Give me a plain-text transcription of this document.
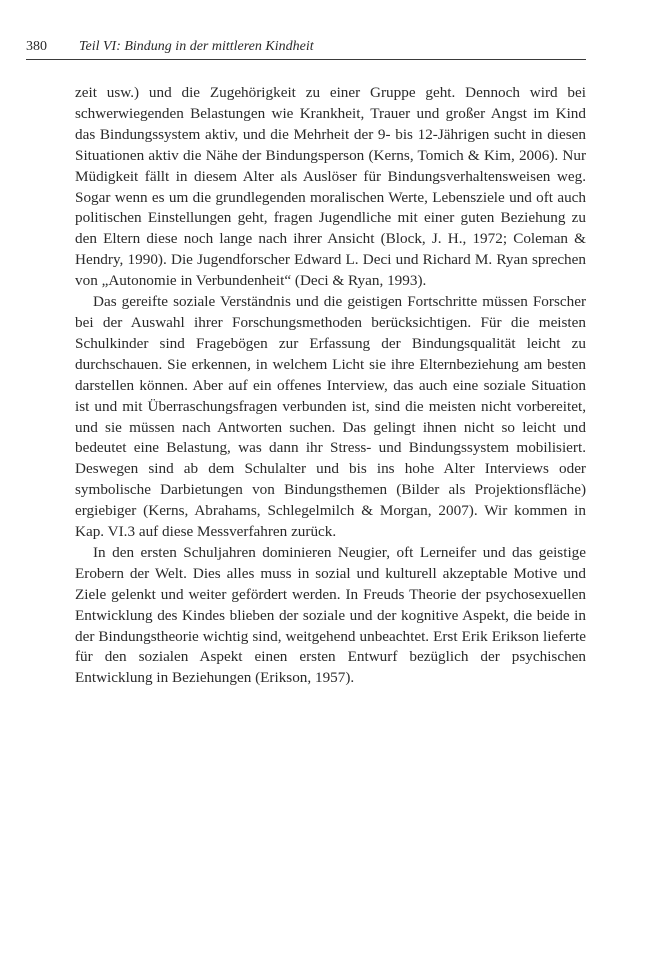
380 Teil VI: Bindung in der mittleren Kindheit

zeit usw.) und die Zugehörigkeit zu einer Gruppe geht. Dennoch wird bei schwerwiegenden Belastungen wie Krankheit, Trauer und großer Angst im Kind das Bindungssystem aktiv, und die Mehrheit der 9- bis 12-Jährigen sucht in diesen Situationen aktiv die Nähe der Bindungsperson (Kerns, Tomich & Kim, 2006). Nur Müdigkeit fällt in diesem Alter als Auslöser für Bindungsverhaltensweisen weg. Sogar wenn es um die grundlegenden moralischen Werte, Lebensziele und oft auch politischen Einstellungen geht, fragen Jugendliche mit einer guten Beziehung zu den Eltern diese noch lange nach ihrer Ansicht (Block, J. H., 1972; Coleman & Hendry, 1990). Die Jugendforscher Edward L. Deci und Richard M. Ryan sprechen von „Autonomie in Verbundenheit“ (Deci & Ryan, 1993).

Das gereifte soziale Verständnis und die geistigen Fortschritte müssen Forscher bei der Auswahl ihrer Forschungsmethoden berücksichtigen. Für die meisten Schulkinder sind Fragebögen zur Erfassung der Bindungsqualität leicht zu durchschauen. Sie erkennen, in welchem Licht sie ihre Elternbeziehung am besten darstellen können. Aber auf ein offenes Interview, das auch eine soziale Situation ist und mit Überraschungsfragen verbunden ist, sind die meisten nicht vorbereitet, und sie müssen nach Antworten suchen. Das gelingt ihnen nicht so leicht und bedeutet eine Belastung, was dann ihr Stress- und Bindungssystem mobilisiert. Deswegen sind ab dem Schulalter und bis ins hohe Alter Interviews oder symbolische Darbietungen von Bindungsthemen (Bilder als Projektionsfläche) ergiebiger (Kerns, Abrahams, Schlegelmilch & Morgan, 2007). Wir kommen in Kap. VI.3 auf diese Messverfahren zurück.

In den ersten Schuljahren dominieren Neugier, oft Lerneifer und das geistige Erobern der Welt. Dies alles muss in sozial und kulturell akzeptable Motive und Ziele gelenkt und weiter gefördert werden. In Freuds Theorie der psychosexuellen Entwicklung des Kindes blieben der soziale und der kognitive Aspekt, die beide in der Bindungstheorie wichtig sind, weitgehend unbeachtet. Erst Erik Erikson lieferte für den sozialen Aspekt einen ersten Entwurf bezüglich der psychischen Entwicklung in Beziehungen (Erikson, 1957).
